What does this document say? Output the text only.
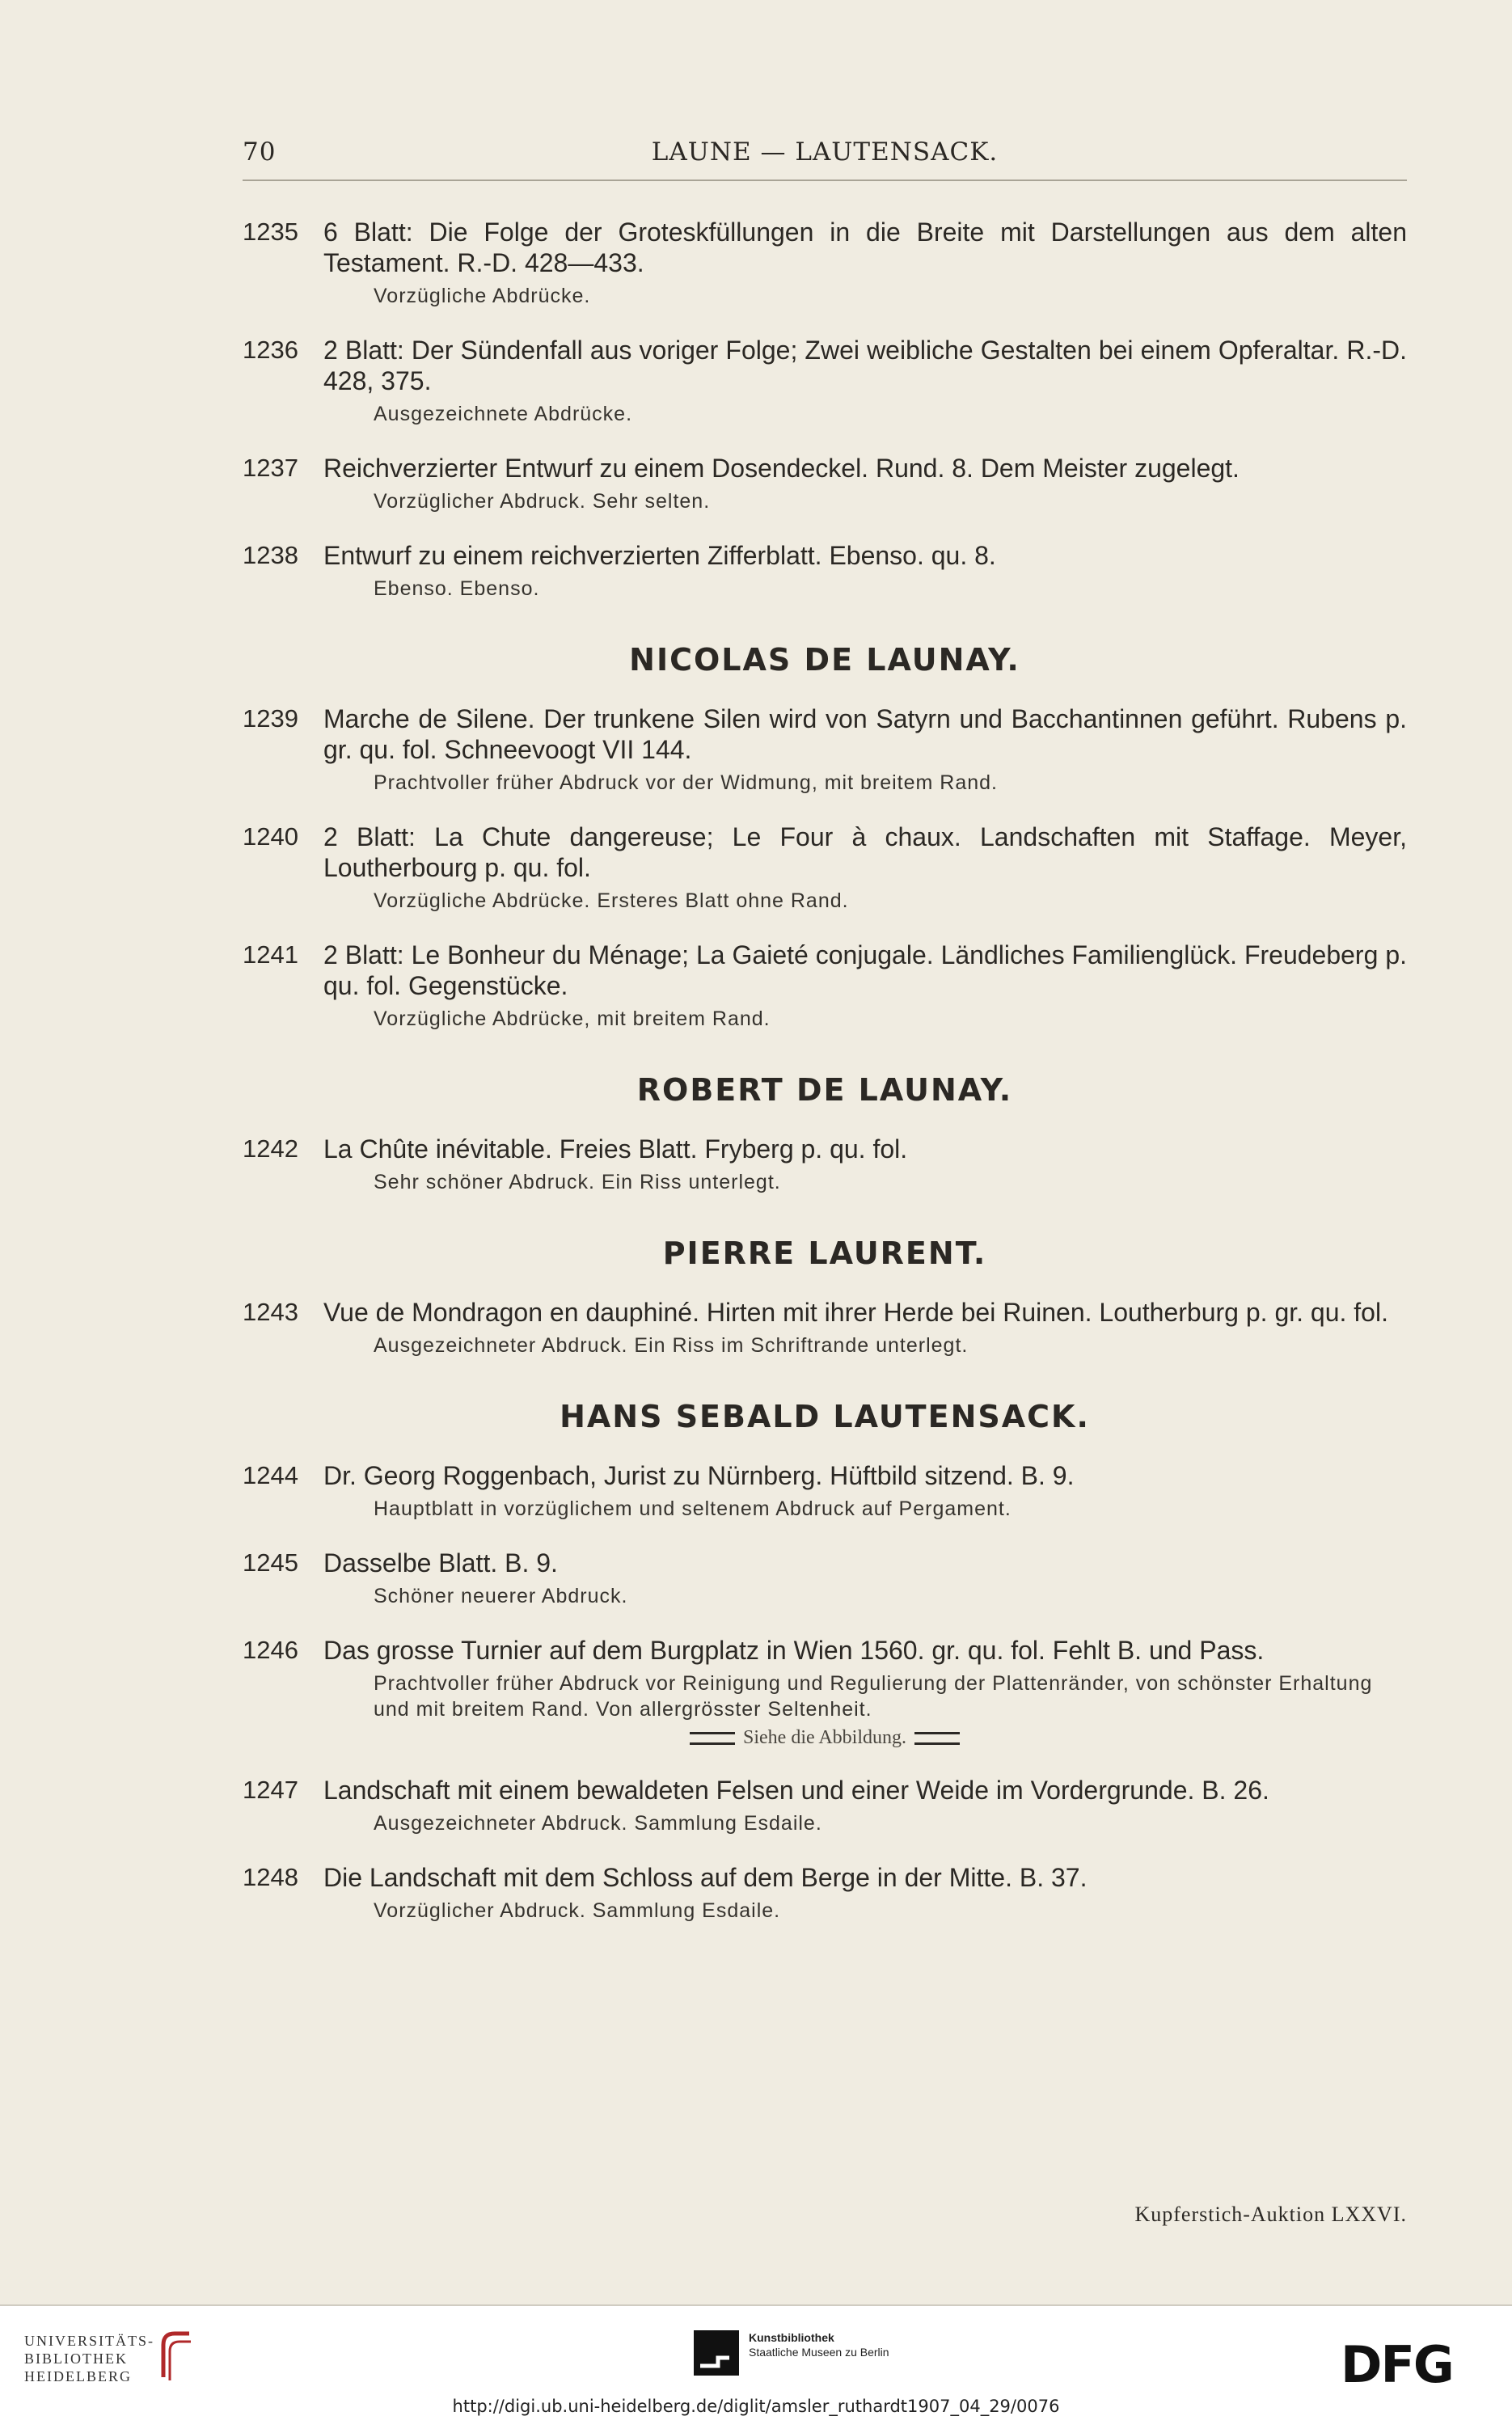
70	LAUNE — LAUTENSACK.
1235 6 Blatt: Die Folge der Groteskfüllungen in die Breite mit Darstellungen aus dem alten Testament. R.-D. 428—433.
Vorzügliche Abdrücke.
1236 2 Blatt: Der Sündenfall aus voriger Folge; Zwei weibliche Gestalten bei einem Opferaltar. R.-D. 428, 375.
Ausgezeichnete Abdrücke.
1237 Reichverzierter Entwurf zu einem Dosendeckel. Rund. 8. Dem Meister zugelegt.
Vorzüglicher Abdruck. Sehr selten.
1238 Entwurf zu einem reichverzierten Zifferblatt. Ebenso. qu. 8.
Ebenso. Ebenso.
NICOLAS DE LAUNAY.
1239 Marche de Silene. Der trunkene Silen wird von Satyrn und Bacchantinnen geführt. Rubens p. gr. qu. fol. Schneevoogt VII 144.
Prachtvoller früher Abdruck vor der Widmung, mit breitem Rand.
1240 2 Blatt: La Chute dangereuse; Le Four à chaux. Landschaften mit Staffage. Meyer, Loutherbourg p. qu. fol.
Vorzügliche Abdrücke. Ersteres Blatt ohne Rand.
1241 2 Blatt: Le Bonheur du Ménage; La Gaieté conjugale. Ländliches Familienglück. Freudeberg p. qu. fol. Gegenstücke.
Vorzügliche Abdrücke, mit breitem Rand.
ROBERT DE LAUNAY.
1242 La Chûte inévitable. Freies Blatt. Fryberg p. qu. fol.
Sehr schöner Abdruck. Ein Riss unterlegt.
PIERRE LAURENT.
1243 Vue de Mondragon en dauphiné. Hirten mit ihrer Herde bei Ruinen. Loutherburg p. gr. qu. fol.
Ausgezeichneter Abdruck. Ein Riss im Schriftrande unterlegt.
HANS SEBALD LAUTENSACK.
1244 Dr. Georg Roggenbach, Jurist zu Nürnberg. Hüftbild sitzend. B. 9.
Hauptblatt in vorzüglichem und seltenem Abdruck auf Pergament.
1245 Dasselbe Blatt. B. 9.
Schöner neuerer Abdruck.
1246 Das grosse Turnier auf dem Burgplatz in Wien 1560. gr. qu. fol. Fehlt B. und Pass.
Prachtvoller früher Abdruck vor Reinigung und Regulierung der Plattenränder, von schönster Erhaltung und mit breitem Rand. Von allergrösster Seltenheit.
Siehe die Abbildung.
1247 Landschaft mit einem bewaldeten Felsen und einer Weide im Vordergrunde. B. 26.
Ausgezeichneter Abdruck. Sammlung Esdaile.
1248 Die Landschaft mit dem Schloss auf dem Berge in der Mitte. B. 37.
Vorzüglicher Abdruck. Sammlung Esdaile.
Kupferstich-Auktion LXXVI.
UNIVERSITÄTS-
BIBLIOTHEK
HEIDELBERG
Kunstbibliothek
Staatliche Museen zu Berlin	DFG
http://digi.ub.uni-heidelberg.de/diglit/amsler_ruthardt1907_04_29/0076
